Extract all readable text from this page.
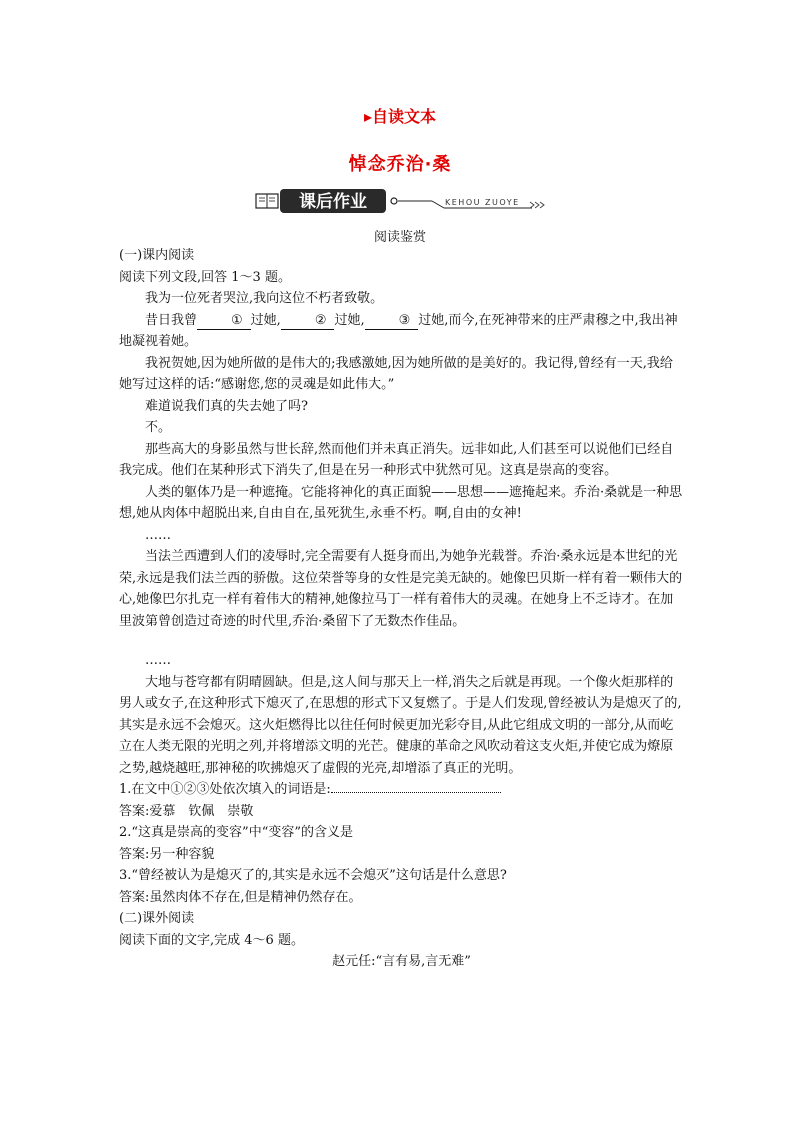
▸自读文本
悼念乔治·桑
课后作业	KEHOU ZUOYE
阅读鉴赏

(一)课内阅读

阅读下列文段,回答 1～3 题。

我为一位死者哭泣,我向这位不朽者致敬。

昔日我曾	① 过她,	② 过她,	③ 过她,而今,在死神带来的庄严肃穆之中,我出神地凝视着她。

我祝贺她,因为她所做的是伟大的;我感激她,因为她所做的是美好的。我记得,曾经有一天,我给她写过这样的话:“感谢您,您的灵魂是如此伟大。”

难道说我们真的失去她了吗?

不。

那些高大的身影虽然与世长辞,然而他们并未真正消失。远非如此,人们甚至可以说他们已经自我完成。他们在某种形式下消失了,但是在另一种形式中犹然可见。这真是崇高的变容。

人类的躯体乃是一种遮掩。它能将神化的真正面貌——思想——遮掩起来。乔治·桑就是一种思想,她从肉体中超脱出来,自由自在,虽死犹生,永垂不朽。啊,自由的女神!

……

当法兰西遭到人们的凌辱时,完全需要有人挺身而出,为她争光载誉。乔治·桑永远是本世纪的光荣,永远是我们法兰西的骄傲。这位荣誉等身的女性是完美无缺的。她像巴贝斯一样有着一颗伟大的心,她像巴尔扎克一样有着伟大的精神,她像拉马丁一样有着伟大的灵魂。在她身上不乏诗才。在加里波第曾创造过奇迹的时代里,乔治·桑留下了无数杰作佳品。

……

大地与苍穹都有阴晴圆缺。但是,这人间与那天上一样,消失之后就是再现。一个像火炬那样的男人或女子,在这种形式下熄灭了,在思想的形式下又复燃了。于是人们发现,曾经被认为是熄灭了的,其实是永远不会熄灭。这火炬燃得比以往任何时候更加光彩夺目,从此它组成文明的一部分,从而屹立在人类无限的光明之列,并将增添文明的光芒。健康的革命之风吹动着这支火炬,并使它成为燎原之势,越烧越旺,那神秘的吹拂熄灭了虚假的光亮,却增添了真正的光明。

1.在文中①②③处依次填入的词语是:

答案:爱慕　钦佩　崇敬

2.“这真是崇高的变容”中“变容”的含义是

答案:另一种容貌

3.“曾经被认为是熄灭了的,其实是永远不会熄灭”这句话是什么意思?

答案:虽然肉体不存在,但是精神仍然存在。

(二)课外阅读

阅读下面的文字,完成 4～6 题。

赵元任:“言有易,言无难”
